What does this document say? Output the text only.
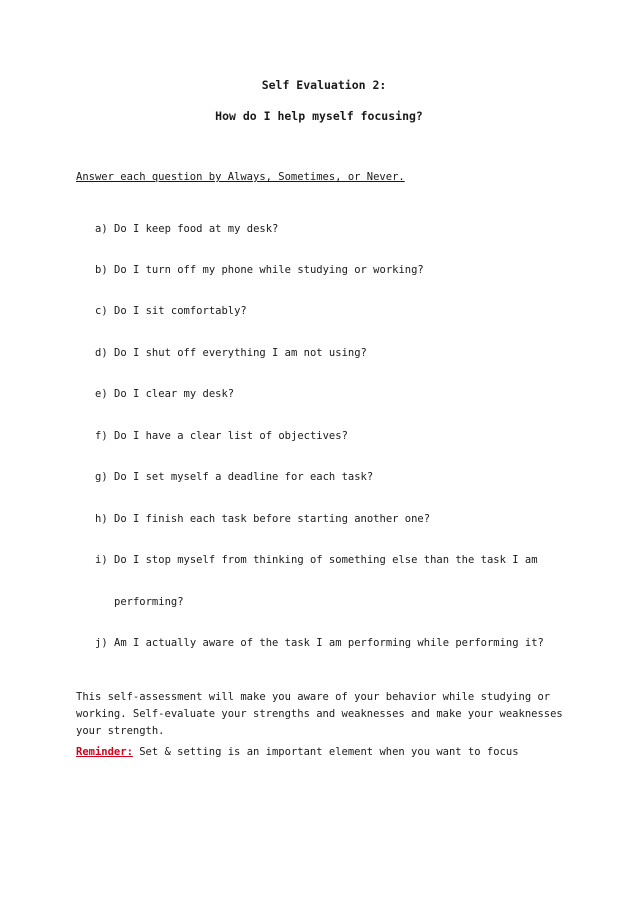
Self Evaluation 2:
How do I help myself focusing?
Answer each question by Always, Sometimes, or Never.
a) Do I keep food at my desk?
b) Do I turn off my phone while studying or working?
c) Do I sit comfortably?
d) Do I shut off everything I am not using?
e) Do I clear my desk?
f) Do I have a clear list of objectives?
g) Do I set myself a deadline for each task?
h) Do I finish each task before starting another one?
i) Do I stop myself from thinking of something else than the task I am
performing?
j) Am I actually aware of the task I am performing while performing it?
This self-assessment will make you aware of your behavior while studying or working. Self-evaluate your strengths and weaknesses and make your weaknesses your strength.
Reminder: Set & setting is an important element when you want to focus
